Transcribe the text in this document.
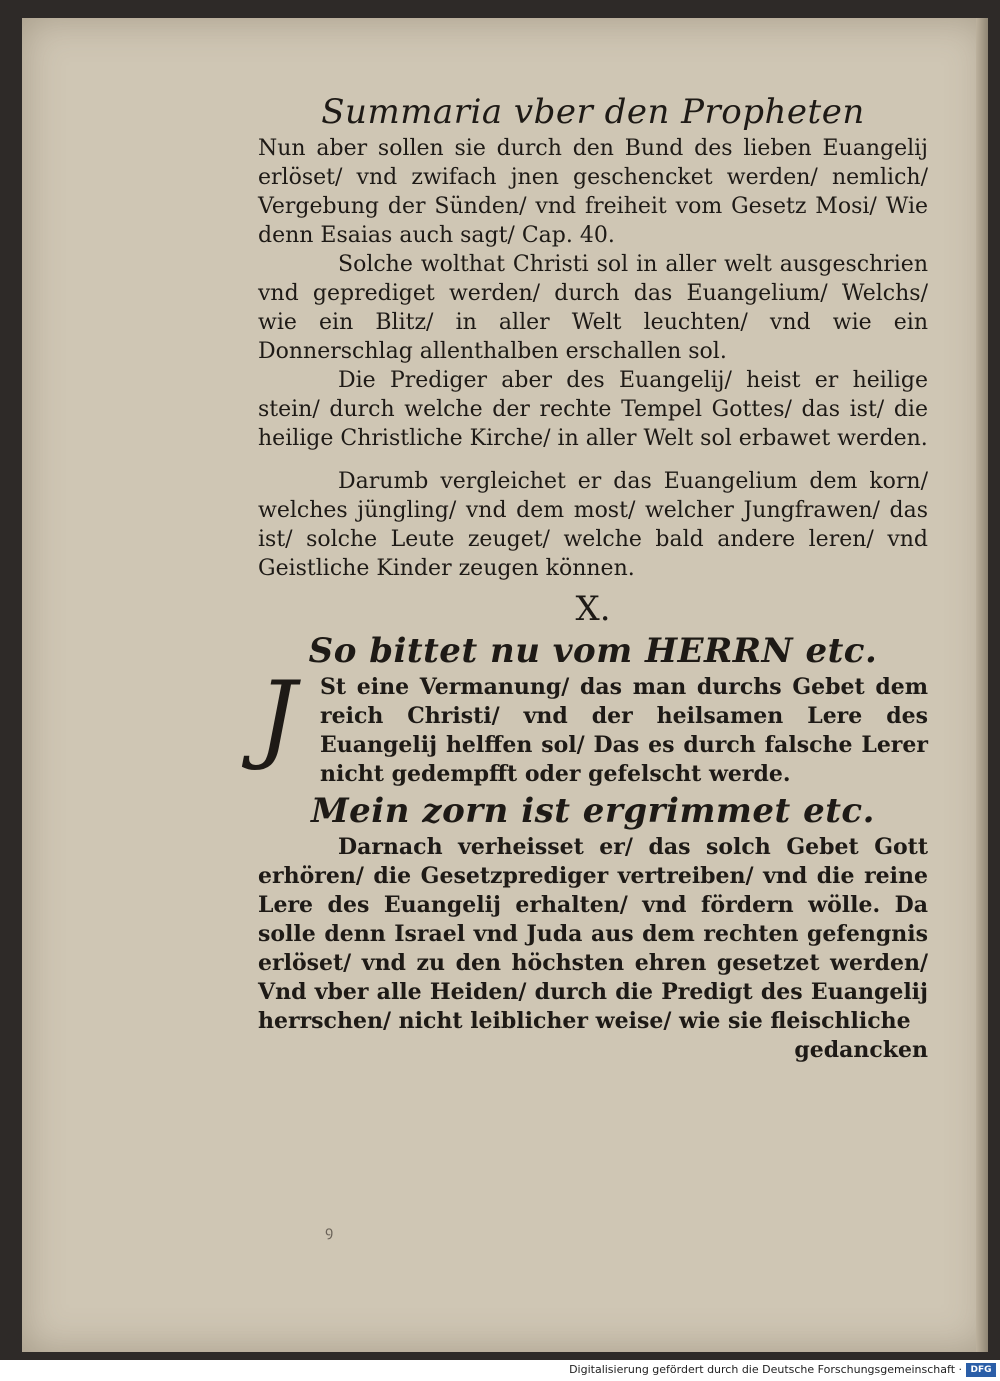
Summaria vber den Propheten

Nun aber sollen sie durch den Bund des lieben Euangelij erlöset/ vnd zwifach jnen geschencket werden/ nemlich/ Vergebung der Sünden/ vnd freiheit vom Gesetz Mosi/ Wie denn Esaias auch sagt/ Cap. 40.

Solche wolthat Christi sol in aller welt ausgeschrien vnd geprediget werden/ durch das Euangelium/ Welchs/ wie ein Blitz/ in aller Welt leuchten/ vnd wie ein Donnerschlag allenthalben erschallen sol.

Die Prediger aber des Euangelij/ heist er heilige stein/ durch welche der rechte Tempel Gottes/ das ist/ die heilige Christliche Kirche/ in aller Welt sol erbawet werden.

Darumb vergleichet er das Euangelium dem korn/ welches jüngling/ vnd dem most/ welcher Jungfrawen/ das ist/ solche Leute zeuget/ welche bald andere leren/ vnd Geistliche Kinder zeugen können.

X.
So bittet nu vom HERRN etc.
J St eine Vermanung/ das man durchs Gebet dem reich Christi/ vnd der heilsamen Lere des Euangelij helffen sol/ Das es durch falsche Lerer nicht gedempfft oder gefelscht werde.

Mein zorn ist ergrimmet etc.

Darnach verheisset er/ das solch Gebet Gott erhören/ die Gesetzprediger vertreiben/ vnd die reine Lere des Euangelij erhalten/ vnd fördern wölle. Da solle denn Israel vnd Juda aus dem rechten gefengnis erlöset/ vnd zu den höchsten ehren gesetzet werden/ Vnd vber alle Heiden/ durch die Predigt des Euangelij herrschen/ nicht leiblicher weise/ wie sie fleischliche

gedancken
ꝯ
Digitalisierung gefördert durch die Deutsche Forschungsgemeinschaft · DFG
